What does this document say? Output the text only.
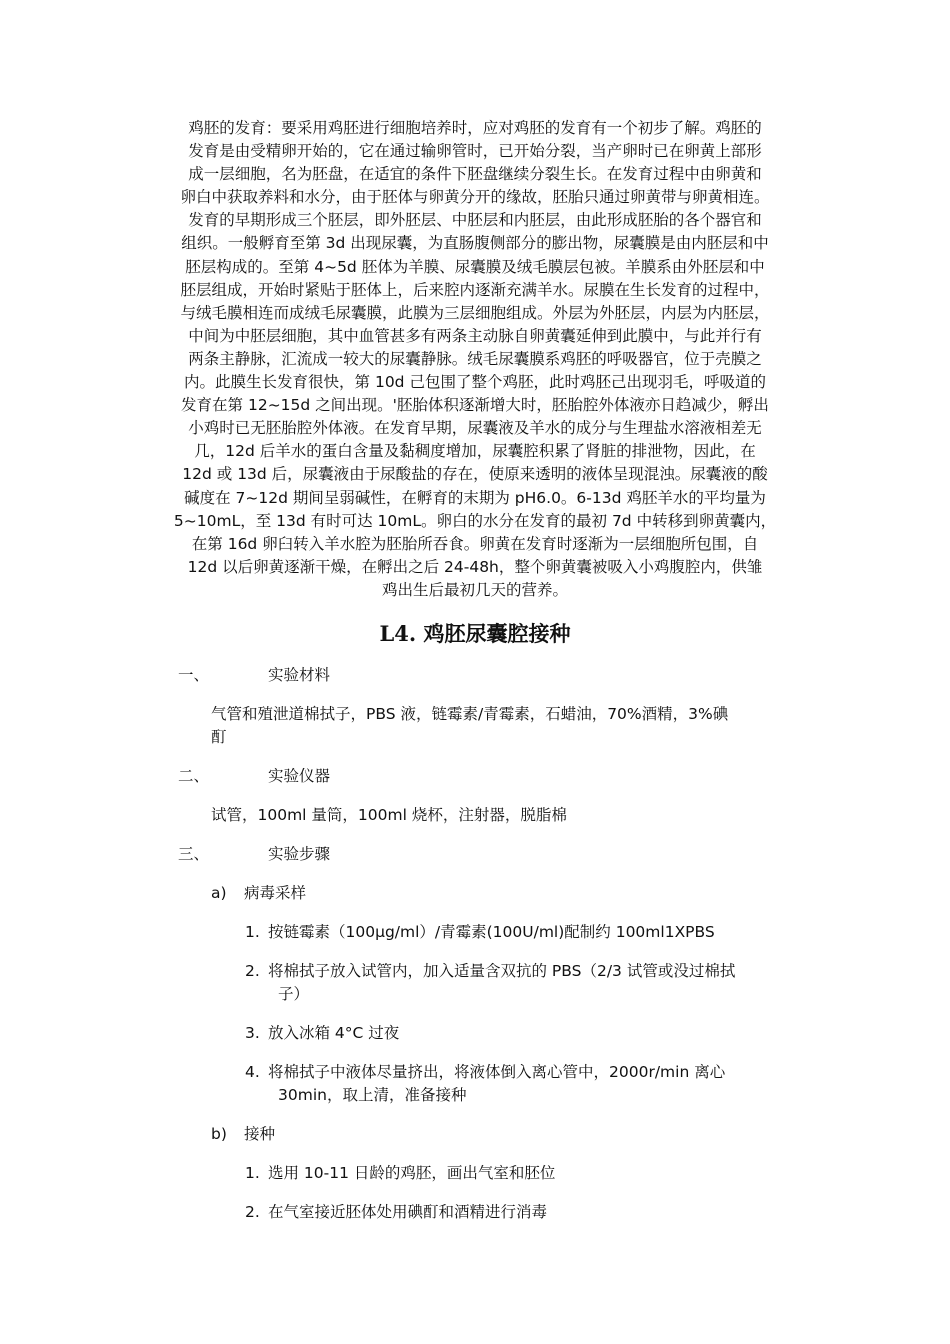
鸡胚的发育：要采用鸡胚进行细胞培养时，应对鸡胚的发育有一个初步了解。鸡胚的
发育是由受精卵开始的，它在通过输卵管时，已开始分裂，当产卵时已在卵黄上部形
成一层细胞，名为胚盘，在适宜的条件下胚盘继续分裂生长。在发育过程中由卵黄和
卵白中获取养料和水分，由于胚体与卵黄分开的缘故，胚胎只通过卵黄带与卵黄相连。
发育的早期形成三个胚层，即外胚层、中胚层和内胚层，由此形成胚胎的各个器官和
组织。一般孵育至第 3d 出现尿囊，为直肠腹侧部分的膨出物，尿囊膜是由内胚层和中
胚层构成的。至第 4~5d 胚体为羊膜、尿囊膜及绒毛膜层包被。羊膜系由外胚层和中
胚层组成，开始时紧贴于胚体上，后来腔内逐渐充满羊水。尿膜在生长发育的过程中，
与绒毛膜相连而成绒毛尿囊膜，此膜为三层细胞组成。外层为外胚层，内层为内胚层，
中间为中胚层细胞，其中血管甚多有两条主动脉自卵黄囊延伸到此膜中，与此并行有
两条主静脉，汇流成一较大的尿囊静脉。绒毛尿囊膜系鸡胚的呼吸器官，位于壳膜之
内。此膜生长发育很快，第 10d 己包围了整个鸡胚，此时鸡胚己出现羽毛，呼吸道的
发育在第 12~15d 之间出现。'胚胎体积逐渐增大时，胚胎腔外体液亦日趋减少，孵出
小鸡时已无胚胎腔外体液。在发育早期，尿囊液及羊水的成分与生理盐水溶液相差无
几，12d 后羊水的蛋白含量及黏稠度增加，尿囊腔积累了肾脏的排泄物，因此，在
12d 或 13d 后，尿囊液由于尿酸盐的存在，使原来透明的液体呈现混浊。尿囊液的酸
碱度在 7~12d 期间呈弱碱性，在孵育的末期为 pH6.0。6-13d 鸡胚羊水的平均量为
5~10mL，至 13d 有时可达 10mL。卵白的水分在发育的最初 7d 中转移到卵黄囊内，
在第 16d 卵臼转入羊水腔为胚胎所吞食。卵黄在发育时逐渐为一层细胞所包围，自
12d 以后卵黄逐渐干燥，在孵出之后 24-48h，整个卵黄囊被吸入小鸡腹腔内，供雏
鸡出生后最初几天的营养。
L4. 鸡胚尿囊腔接种
一、	实验材料
气管和殖泄道棉拭子，PBS 液，链霉素/青霉素，石蜡油，70%酒精，3%碘
酊
二、	实验仪器
试管，100ml 量筒，100ml 烧杯，注射器，脱脂棉
三、	实验步骤
a) 病毒采样
1. 按链霉素（100μg/ml）/青霉素(100U/ml)配制约 100ml1XPBS
2. 将棉拭子放入试管内，加入适量含双抗的 PBS（2/3 试管或没过棉拭
子）
3. 放入冰箱 4°C 过夜
4. 将棉拭子中液体尽量挤出，将液体倒入离心管中，2000r/min 离心
30min，取上清，准备接种
b) 接种
1. 选用 10-11 日龄的鸡胚，画出气室和胚位
2. 在气室接近胚体处用碘酊和酒精进行消毒
